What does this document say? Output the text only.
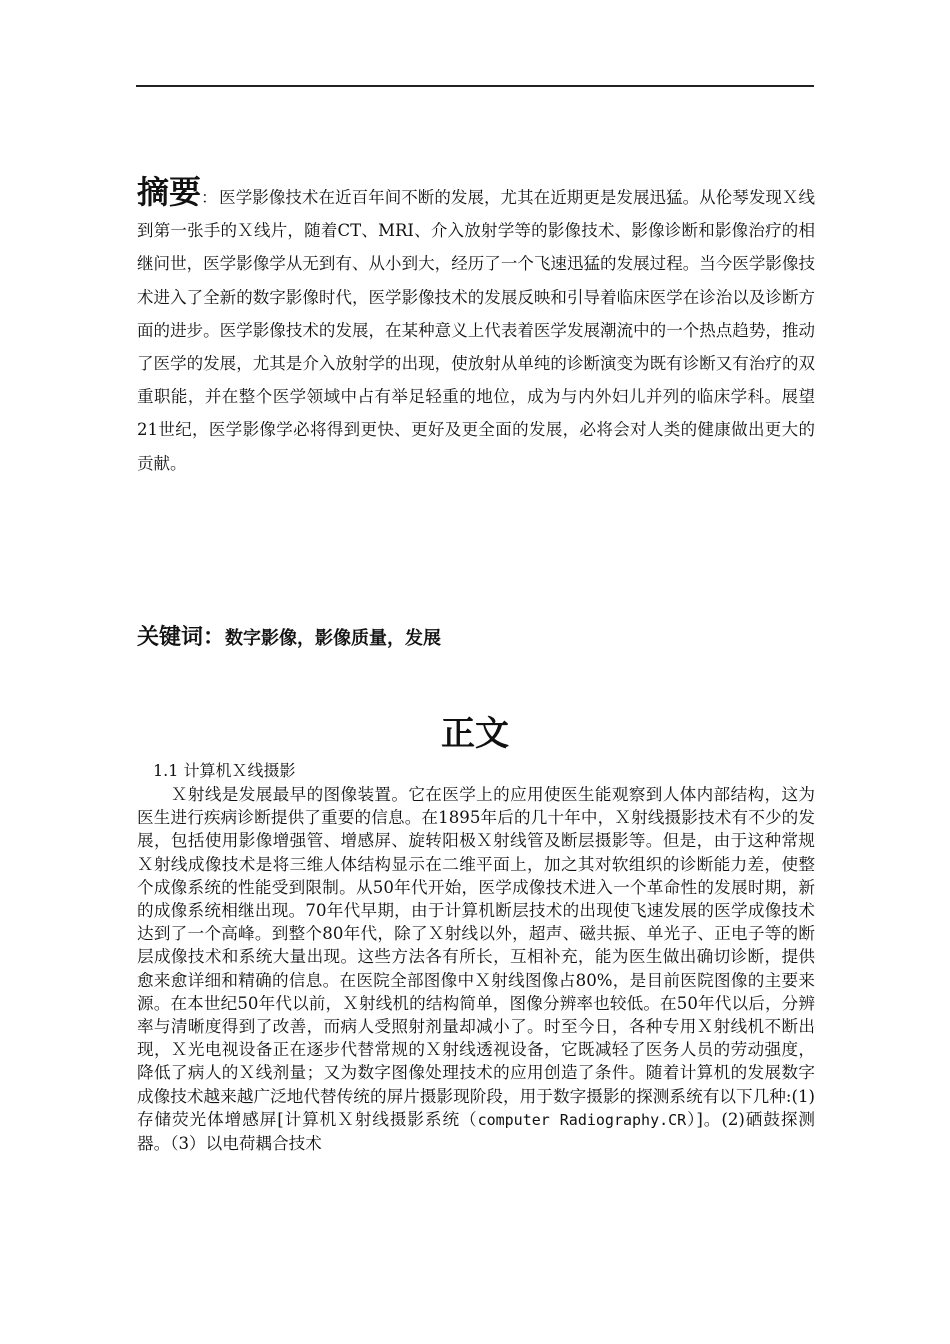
摘要： 医学影像技术在近百年间不断的发展，尤其在近期更是发展迅猛。从伦琴发现Ｘ线到第一张手的Ｘ线片，随着CT、MRI、介入放射学等的影像技术、影像诊断和影像治疗的相继问世，医学影像学从无到有、从小到大，经历了一个飞速迅猛的发展过程。当今医学影像技术进入了全新的数字影像时代，医学影像技术的发展反映和引导着临床医学在诊治以及诊断方面的进步。医学影像技术的发展，在某种意义上代表着医学发展潮流中的一个热点趋势，推动了医学的发展，尤其是介入放射学的出现，使放射从单纯的诊断演变为既有诊断又有治疗的双重职能，并在整个医学领域中占有举足轻重的地位，成为与内外妇儿并列的临床学科。展望21世纪，医学影像学必将得到更快、更好及更全面的发展，必将会对人类的健康做出更大的贡献。
关键词：数字影像，影像质量，发展
正文
1.1 计算机Ｘ线摄影
　　Ｘ射线是发展最早的图像装置。它在医学上的应用使医生能观察到人体内部结构，这为医生进行疾病诊断提供了重要的信息。在1895年后的几十年中，Ｘ射线摄影技术有不少的发展，包括使用影像增强管、增感屏、旋转阳极Ｘ射线管及断层摄影等。但是，由于这种常规Ｘ射线成像技术是将三维人体结构显示在二维平面上，加之其对软组织的诊断能力差，使整个成像系统的性能受到限制。从50年代开始，医学成像技术进入一个革命性的发展时期，新的成像系统相继出现。70年代早期，由于计算机断层技术的出现使飞速发展的医学成像技术达到了一个高峰。到整个80年代，除了Ｘ射线以外，超声、磁共振、单光子、正电子等的断层成像技术和系统大量出现。这些方法各有所长，互相补充，能为医生做出确切诊断，提供愈来愈详细和精确的信息。在医院全部图像中Ｘ射线图像占80%，是目前医院图像的主要来源。在本世纪50年代以前，Ｘ射线机的结构简单，图像分辨率也较低。在50年代以后，分辨率与清晰度得到了改善，而病人受照射剂量却减小了。时至今日，各种专用Ｘ射线机不断出现，Ｘ光电视设备正在逐步代替常规的Ｘ射线透视设备，它既减轻了医务人员的劳动强度，降低了病人的Ｘ线剂量；又为数字图像处理技术的应用创造了条件。随着计算机的发展数字成像技术越来越广泛地代替传统的屏片摄影现阶段，用于数字摄影的探测系统有以下几种:(1)存储荧光体增感屏[计算机Ｘ射线摄影系统（computer Radiography.CR）]。(2)硒鼓探测器。（3）以电荷耦合技术
